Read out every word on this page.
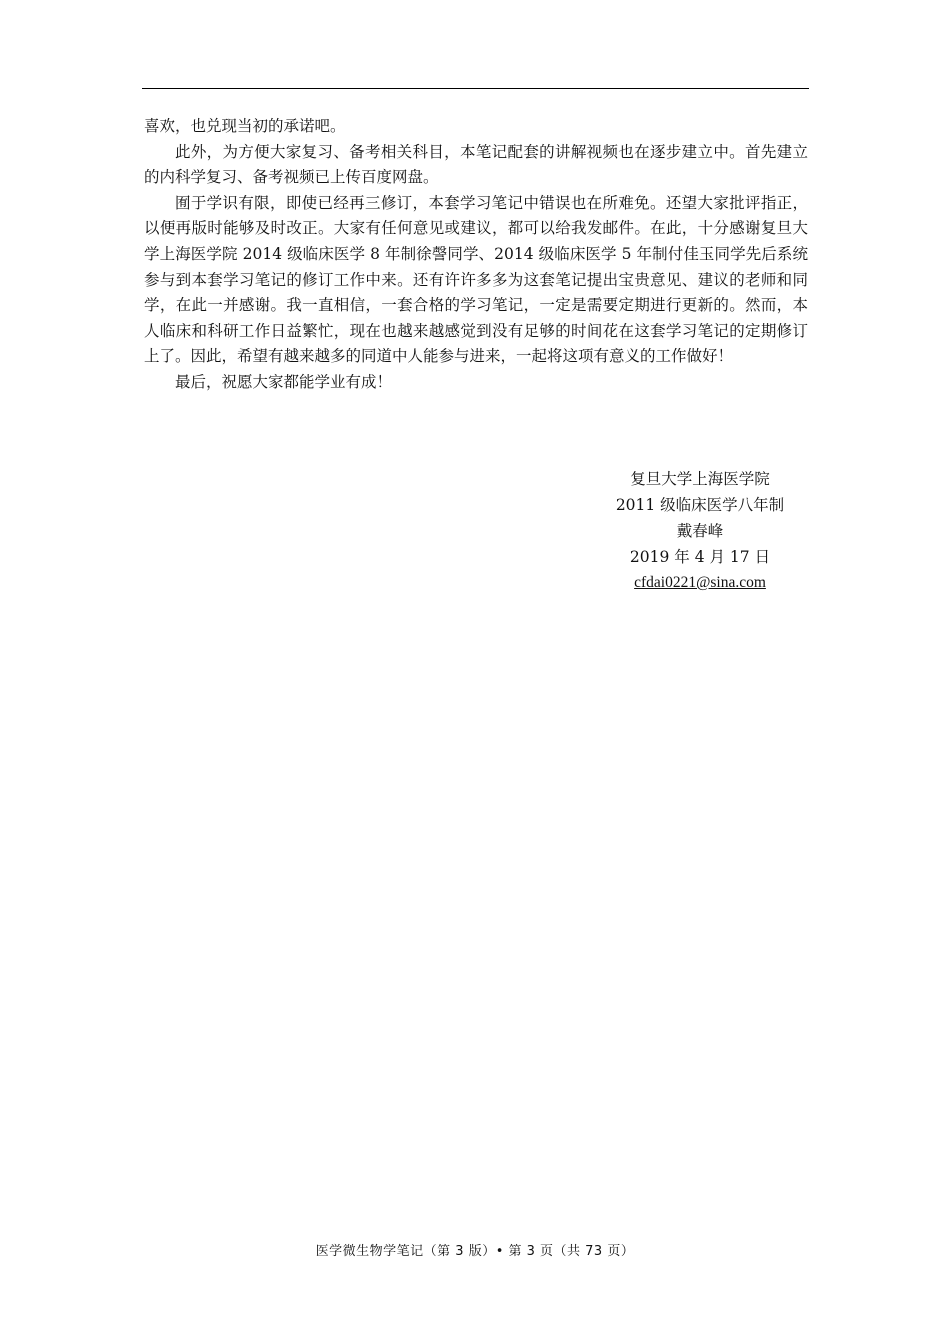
喜欢，也兑现当初的承诺吧。

此外，为方便大家复习、备考相关科目，本笔记配套的讲解视频也在逐步建立中。首先建立的内科学复习、备考视频已上传百度网盘。

囿于学识有限，即使已经再三修订，本套学习笔记中错误也在所难免。还望大家批评指正，以便再版时能够及时改正。大家有任何意见或建议，都可以给我发邮件。在此，十分感谢复旦大学上海医学院 2014 级临床医学 8 年制徐謦同学、2014 级临床医学 5 年制付佳玉同学先后系统参与到本套学习笔记的修订工作中来。还有许许多多为这套笔记提出宝贵意见、建议的老师和同学，在此一并感谢。我一直相信，一套合格的学习笔记，一定是需要定期进行更新的。然而，本人临床和科研工作日益繁忙，现在也越来越感觉到没有足够的时间花在这套学习笔记的定期修订上了。因此，希望有越来越多的同道中人能参与进来，一起将这项有意义的工作做好！

最后，祝愿大家都能学业有成！

复旦大学上海医学院
2011 级临床医学八年制
戴春峰
2019 年 4 月 17 日
cfdai0221@sina.com
医学微生物学笔记（第 3 版）• 第 3 页（共 73 页）
